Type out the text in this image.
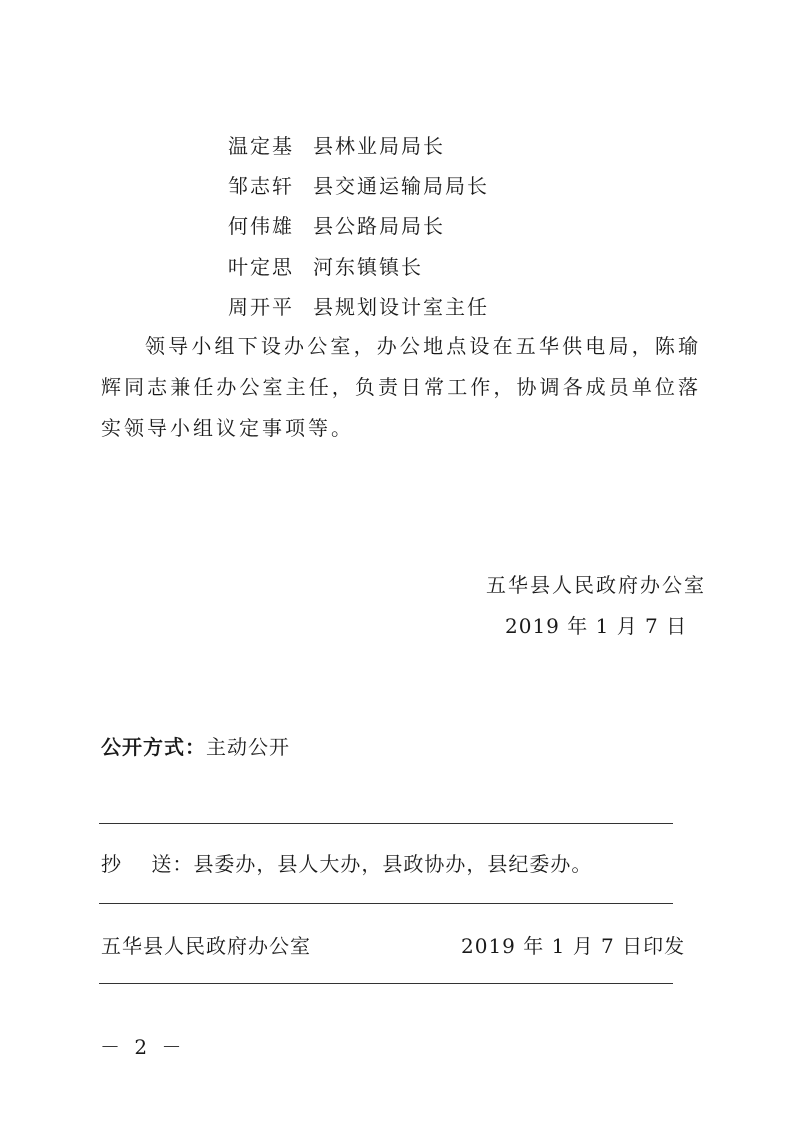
温定基 县林业局局长
邹志轩 县交通运输局局长
何伟雄 县公路局局长
叶定思 河东镇镇长
周开平 县规划设计室主任
领导小组下设办公室，办公地点设在五华供电局，陈瑜辉同志兼任办公室主任，负责日常工作，协调各成员单位落实领导小组议定事项等。
五华县人民政府办公室
2019 年 1 月 7 日
公开方式：主动公开
抄    送：县委办，县人大办，县政协办，县纪委办。
五华县人民政府办公室	2019 年 1 月 7 日印发
－ 2 －
